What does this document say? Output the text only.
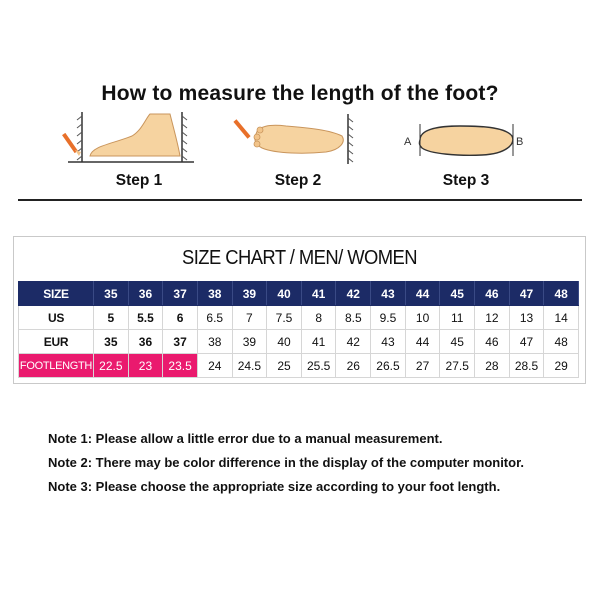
How to measure the length of the foot?
Step 1	Step 2
A	B
Step 3
SIZE CHART / MEN/ WOMEN
SIZE	35	36	37	38	39	40	41	42	43	44	45	46	47	48
US	5	5.5	6	6.5	7	7.5	8	8.5	9.5	10	11	12	13	14
EUR	35	36	37	38	39	40	41	42	43	44	45	46	47	48
FOOTLENGTH	22.5	23	23.5	24	24.5	25	25.5	26	26.5	27	27.5	28	28.5	29
Note 1: Please allow a little error due to a manual measurement.
Note 2: There may be color difference in the display of the computer monitor.
Note 3: Please choose the appropriate size according to your foot length.
